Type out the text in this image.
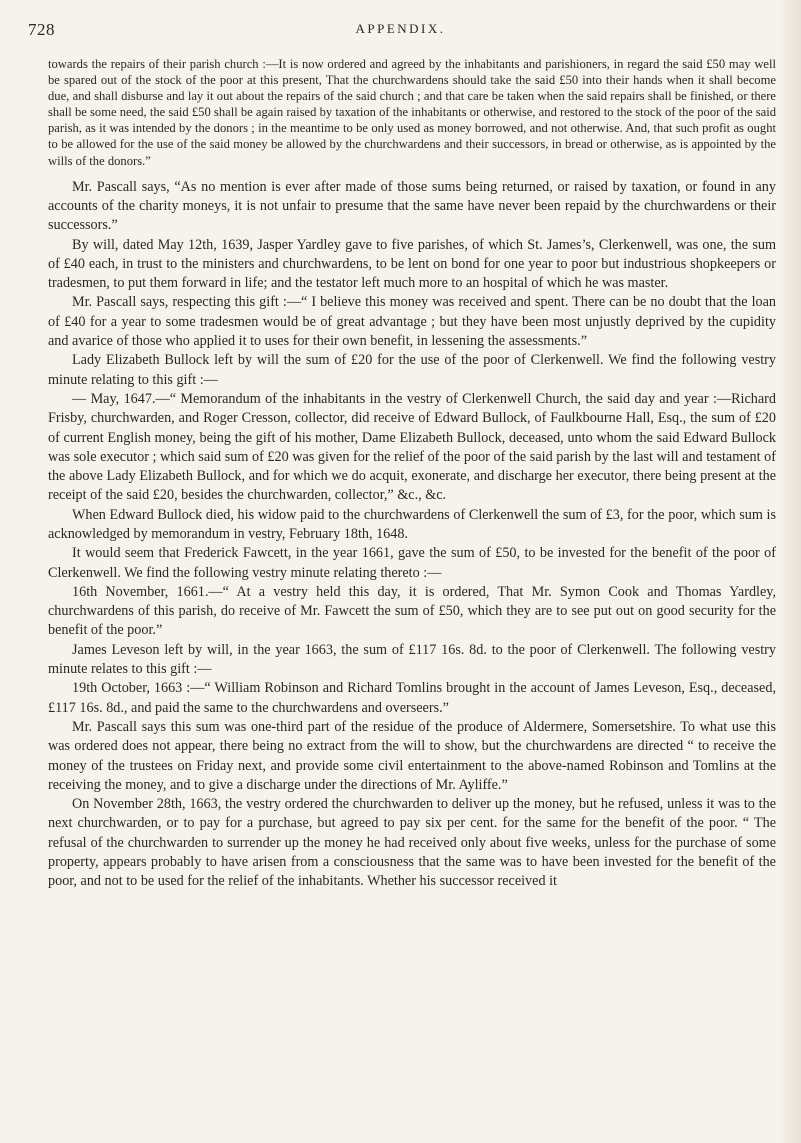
728	APPENDIX.

towards the repairs of their parish church :—It is now ordered and agreed by the inhabitants and parishioners, in regard the said £50 may well be spared out of the stock of the poor at this present, That the churchwardens should take the said £50 into their hands when it shall become due, and shall disburse and lay it out about the repairs of the said church ; and that care be taken when the said repairs shall be finished, or there shall be some need, the said £50 shall be again raised by taxation of the inhabitants or otherwise, and restored to the stock of the poor of the said parish, as it was intended by the donors ; in the meantime to be only used as money borrowed, and not otherwise. And, that such profit as ought to be allowed for the use of the said money be allowed by the churchwardens and their successors, in bread or otherwise, as is appointed by the wills of the donors.”

Mr. Pascall says, “As no mention is ever after made of those sums being returned, or raised by taxation, or found in any accounts of the charity moneys, it is not unfair to presume that the same have never been repaid by the churchwardens or their successors.”

By will, dated May 12th, 1639, Jasper Yardley gave to five parishes, of which St. James’s, Clerkenwell, was one, the sum of £40 each, in trust to the ministers and churchwardens, to be lent on bond for one year to poor but industrious shopkeepers or tradesmen, to put them forward in life; and the testator left much more to an hospital of which he was master.

Mr. Pascall says, respecting this gift :—“ I believe this money was received and spent. There can be no doubt that the loan of £40 for a year to some tradesmen would be of great advantage ; but they have been most unjustly deprived by the cupidity and avarice of those who applied it to uses for their own benefit, in lessening the assessments.”

Lady Elizabeth Bullock left by will the sum of £20 for the use of the poor of Clerkenwell. We find the following vestry minute relating to this gift :—

— May, 1647.—“ Memorandum of the inhabitants in the vestry of Clerkenwell Church, the said day and year :—Richard Frisby, churchwarden, and Roger Cresson, collector, did receive of Edward Bullock, of Faulkbourne Hall, Esq., the sum of £20 of current English money, being the gift of his mother, Dame Elizabeth Bullock, deceased, unto whom the said Edward Bullock was sole executor ; which said sum of £20 was given for the relief of the poor of the said parish by the last will and testament of the above Lady Elizabeth Bullock, and for which we do acquit, exonerate, and discharge her executor, there being present at the receipt of the said £20, besides the churchwarden, collector,” &c., &c.

When Edward Bullock died, his widow paid to the churchwardens of Clerkenwell the sum of £3, for the poor, which sum is acknowledged by memorandum in vestry, February 18th, 1648.

It would seem that Frederick Fawcett, in the year 1661, gave the sum of £50, to be invested for the benefit of the poor of Clerkenwell. We find the following vestry minute relating thereto :—

16th November, 1661.—“ At a vestry held this day, it is ordered, That Mr. Symon Cook and Thomas Yardley, churchwardens of this parish, do receive of Mr. Fawcett the sum of £50, which they are to see put out on good security for the benefit of the poor.”

James Leveson left by will, in the year 1663, the sum of £117 16s. 8d. to the poor of Clerkenwell. The following vestry minute relates to this gift :—

19th October, 1663 :—“ William Robinson and Richard Tomlins brought in the account of James Leveson, Esq., deceased, £117 16s. 8d., and paid the same to the churchwardens and overseers.”

Mr. Pascall says this sum was one-third part of the residue of the produce of Aldermere, Somersetshire. To what use this was ordered does not appear, there being no extract from the will to show, but the churchwardens are directed “ to receive the money of the trustees on Friday next, and provide some civil entertainment to the above-named Robinson and Tomlins at the receiving the money, and to give a discharge under the directions of Mr. Ayliffe.”

On November 28th, 1663, the vestry ordered the churchwarden to deliver up the money, but he refused, unless it was to the next churchwarden, or to pay for a purchase, but agreed to pay six per cent. for the same for the benefit of the poor. “ The refusal of the churchwarden to surrender up the money he had received only about five weeks, unless for the purchase of some property, appears probably to have arisen from a consciousness that the same was to have been invested for the benefit of the poor, and not to be used for the relief of the inhabitants. Whether his successor received it
